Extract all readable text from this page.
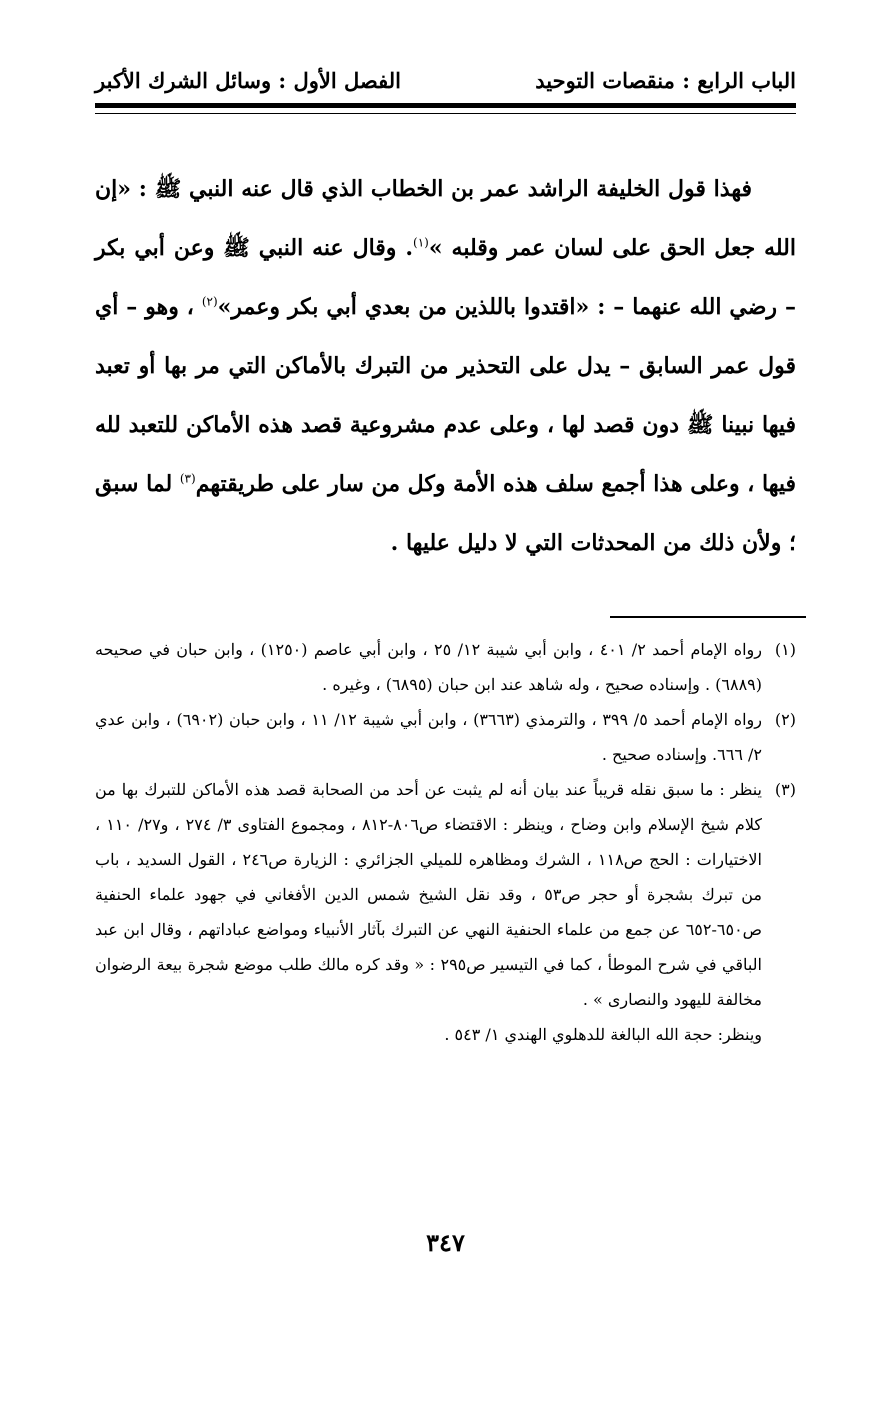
الباب الرابع : منقصات التوحيد
الفصل الأول : وسائل الشرك الأكبر

فهذا قول الخليفة الراشد عمر بن الخطاب الذي قال عنه النبي ﷺ : «إن الله جعل الحق على لسان عمر وقلبه »$^{(١)}$. وقال عنه النبي ﷺ وعن أبي بكر – رضي الله عنهما – : «اقتدوا باللذين من بعدي أبي بكر وعمر»$^{(٢)}$ ، وهو – أي قول عمر السابق – يدل على التحذير من التبرك بالأماكن التي مر بها أو تعبد فيها نبينا ﷺ دون قصد لها ، وعلى عدم مشروعية قصد هذه الأماكن للتعبد لله فيها ، وعلى هذا أجمع سلف هذه الأمة وكل من سار على طريقتهم$^{(٣)}$ لما سبق ؛ ولأن ذلك من المحدثات التي لا دليل عليها .

(١)
رواه الإمام أحمد ٢/ ٤٠١ ، وابن أبي شيبة ١٢/ ٢٥ ، وابن أبي عاصم (١٢٥٠) ، وابن حبان في صحيحه (٦٨٨٩) . وإسناده صحيح ، وله شاهد عند ابن حبان (٦٨٩٥) ، وغيره .
(٢)
رواه الإمام أحمد ٥/ ٣٩٩ ، والترمذي (٣٦٦٣) ، وابن أبي شيبة ١٢/ ١١ ، وابن حبان (٦٩٠٢) ، وابن عدي ٢/ ٦٦٦. وإسناده صحيح .
(٣)
ينظر : ما سبق نقله قريباً عند بيان أنه لم يثبت عن أحد من الصحابة قصد هذه الأماكن للتبرك بها من كلام شيخ الإسلام وابن وضاح ، وينظر : الاقتضاء ص٨٠٦-٨١٢ ، ومجموع الفتاوى ٣/ ٢٧٤ ، و٢٧/ ١١٠ ، الاختيارات : الحج ص١١٨ ، الشرك ومظاهره للميلي الجزائري : الزيارة ص٢٤٦ ، القول السديد ، باب من تبرك بشجرة أو حجر ص٥٣ ، وقد نقل الشيخ شمس الدين الأفغاني في جهود علماء الحنفية ص٦٥٠-٦٥٢ عن جمع من علماء الحنفية النهي عن التبرك بآثار الأنبياء ومواضع عباداتهم ، وقال ابن عبد الباقي في شرح الموطأ ، كما في التيسير ص٢٩٥ : « وقد كره مالك طلب موضع شجرة بيعة الرضوان مخالفة لليهود والنصارى » .

وينظر: حجة الله البالغة للدهلوي الهندي ١/ ٥٤٣ .

٣٤٧
